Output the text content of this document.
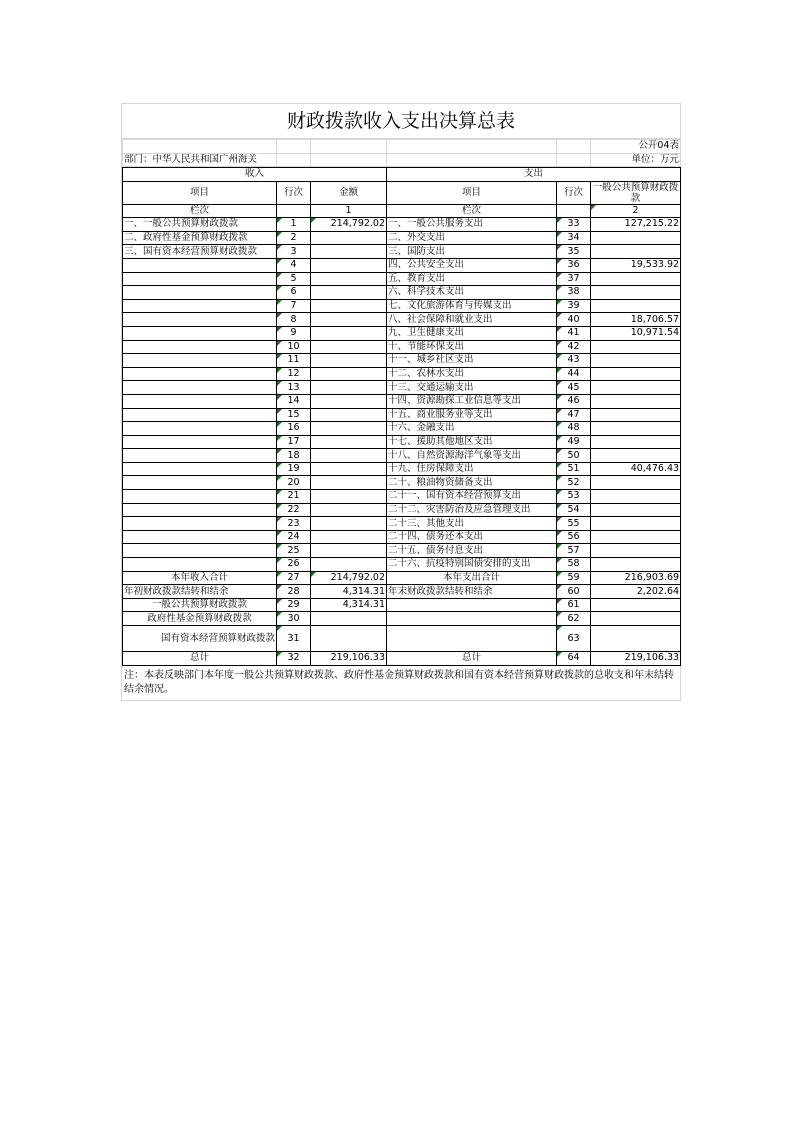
财政拨款收入支出决算总表
					公开04表
部门：中华人民共和国广州海关					单位：万元
收入			支出		
项目	行次	金额	项目	行次	一般公共预算财政拨款
栏次		1	栏次		2
一、一般公共预算财政拨款	1	214,792.02	一、一般公共服务支出	33	127,215.22
二、政府性基金预算财政拨款	2		二、外交支出	34	
三、国有资本经营预算财政拨款	3		三、国防支出	35	
	4		四、公共安全支出	36	19,533.92
	5		五、教育支出	37	
	6		六、科学技术支出	38	
	7		七、文化旅游体育与传媒支出	39	
	8		八、社会保障和就业支出	40	18,706.57
	9		九、卫生健康支出	41	10,971.54
	10		十、节能环保支出	42	
	11		十一、城乡社区支出	43	
	12		十二、农林水支出	44	
	13		十三、交通运输支出	45	
	14		十四、资源勘探工业信息等支出	46	
	15		十五、商业服务业等支出	47	
	16		十六、金融支出	48	
	17		十七、援助其他地区支出	49	
	18		十八、自然资源海洋气象等支出	50	
	19		十九、住房保障支出	51	40,476.43
	20		二十、粮油物资储备支出	52	
	21		二十一、国有资本经营预算支出	53	
	22		二十二、灾害防治及应急管理支出	54	
	23		二十三、其他支出	55	
	24		二十四、债务还本支出	56	
	25		二十五、债务付息支出	57	
	26		二十六、抗疫特别国债安排的支出	58	
本年收入合计	27	214,792.02	本年支出合计	59	216,903.69
年初财政拨款结转和结余	28	4,314.31	年末财政拨款结转和结余	60	2,202.64
一般公共预算财政拨款	29	4,314.31		61	
政府性基金预算财政拨款	30			62	
国有资本经营预算财政拨款	31			63	
总计	32	219,106.33	总计	64	219,106.33
注：本表反映部门本年度一般公共预算财政拨款、政府性基金预算财政拨款和国有资本经营预算财政拨款的总收支和年末结转结余情况。
